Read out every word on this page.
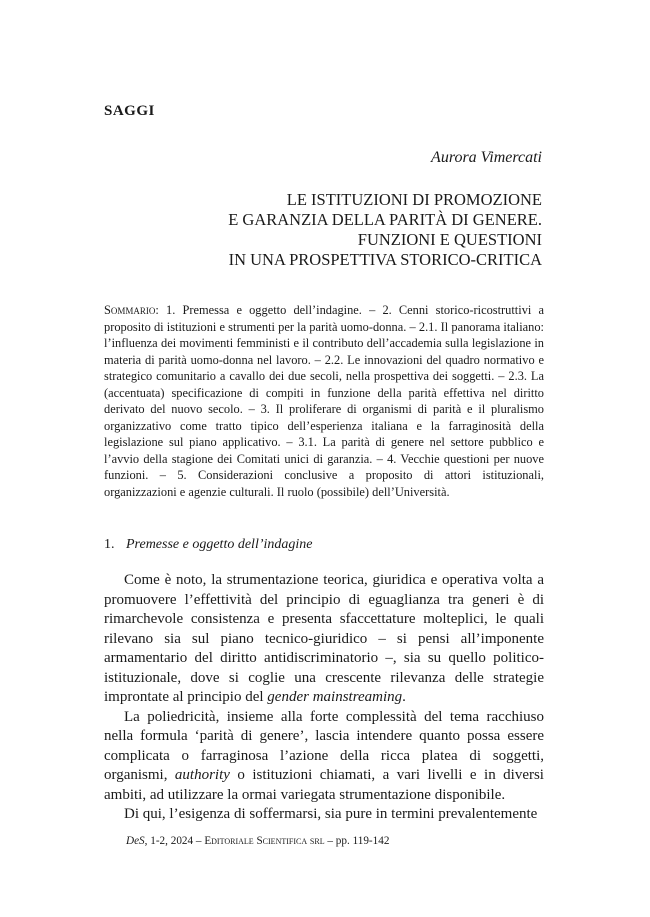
SAGGI
Aurora Vimercati
LE ISTITUZIONI DI PROMOZIONE
E GARANZIA DELLA PARITÀ DI GENERE.
FUNZIONI E QUESTIONI
IN UNA PROSPETTIVA STORICO-CRITICA
Sommario: 1. Premessa e oggetto dell’indagine. – 2. Cenni storico-ricostruttivi a proposito di istituzioni e strumenti per la parità uomo-donna. – 2.1. Il panorama italiano: l’influenza dei movimenti femministi e il contributo dell’accademia sulla legislazione in materia di parità uomo-donna nel lavoro. – 2.2. Le innovazioni del quadro normativo e strategico comunitario a cavallo dei due secoli, nella prospettiva dei soggetti. – 2.3. La (accentuata) specificazione di compiti in funzione della parità effettiva nel diritto derivato del nuovo secolo. – 3. Il proliferare di organismi di parità e il pluralismo organizzativo come tratto tipico dell’esperienza italiana e la farraginosità della legislazione sul piano applicativo. – 3.1. La parità di genere nel settore pubblico e l’avvio della stagione dei Comitati unici di garanzia. – 4. Vecchie questioni per nuove funzioni. – 5. Considerazioni conclusive a proposito di attori istituzionali, organizzazioni e agenzie culturali. Il ruolo (possibile) dell’Università.
1. Premesse e oggetto dell’indagine

Come è noto, la strumentazione teorica, giuridica e operativa volta a promuovere l’effettività del principio di eguaglianza tra generi è di rimarchevole consistenza e presenta sfaccettature molteplici, le quali rilevano sia sul piano tecnico-giuridico – si pensi all’imponente armamentario del diritto antidiscriminatorio –, sia su quello politico-istituzionale, dove si coglie una crescente rilevanza delle strategie improntate al principio del gender mainstreaming.

La poliedricità, insieme alla forte complessità del tema racchiuso nella formula ‘parità di genere’, lascia intendere quanto possa essere complicata o farraginosa l’azione della ricca platea di soggetti, organismi, authority o istituzioni chiamati, a vari livelli e in diversi ambiti, ad utilizzare la ormai variegata strumentazione disponibile.

Di qui, l’esigenza di soffermarsi, sia pure in termini prevalentemente

DeS, 1-2, 2024 – Editoriale Scientifica srl – pp. 119-142
